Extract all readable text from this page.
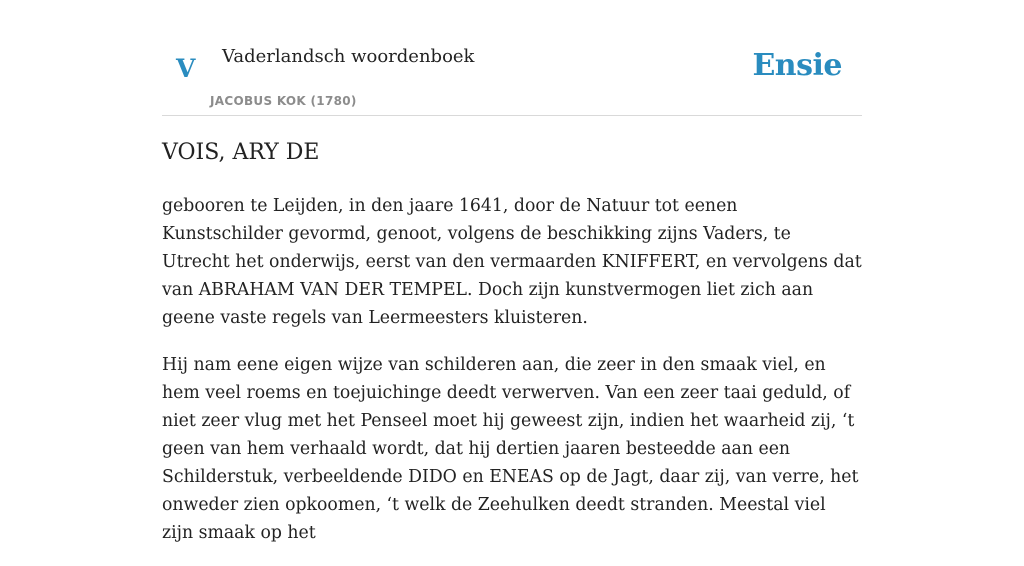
V Vaderlandsch woordenboek
JACOBUS KOK (1780)
Ensie
VOIS, ARY DE

gebooren te Leijden, in den jaare 1641, door de Natuur tot eenen Kunstschilder gevormd, genoot, volgens de beschikking zijns Vaders, te Utrecht het onderwijs, eerst van den vermaarden KNIFFERT, en vervolgens dat van ABRAHAM VAN DER TEMPEL. Doch zijn kunstvermogen liet zich aan geene vaste regels van Leermeesters kluisteren.

Hij nam eene eigen wijze van schilderen aan, die zeer in den smaak viel, en hem veel roems en toejuichinge deedt verwerven. Van een zeer taai geduld, of niet zeer vlug met het Penseel moet hij geweest zijn, indien het waarheid zij, ‘t geen van hem verhaald wordt, dat hij dertien jaaren besteedde aan een Schilderstuk, verbeeldende DIDO en ENEAS op de Jagt, daar zij, van verre, het onweder zien opkoomen, ‘t welk de Zeehulken deedt stranden. Meestal viel zijn smaak op het
